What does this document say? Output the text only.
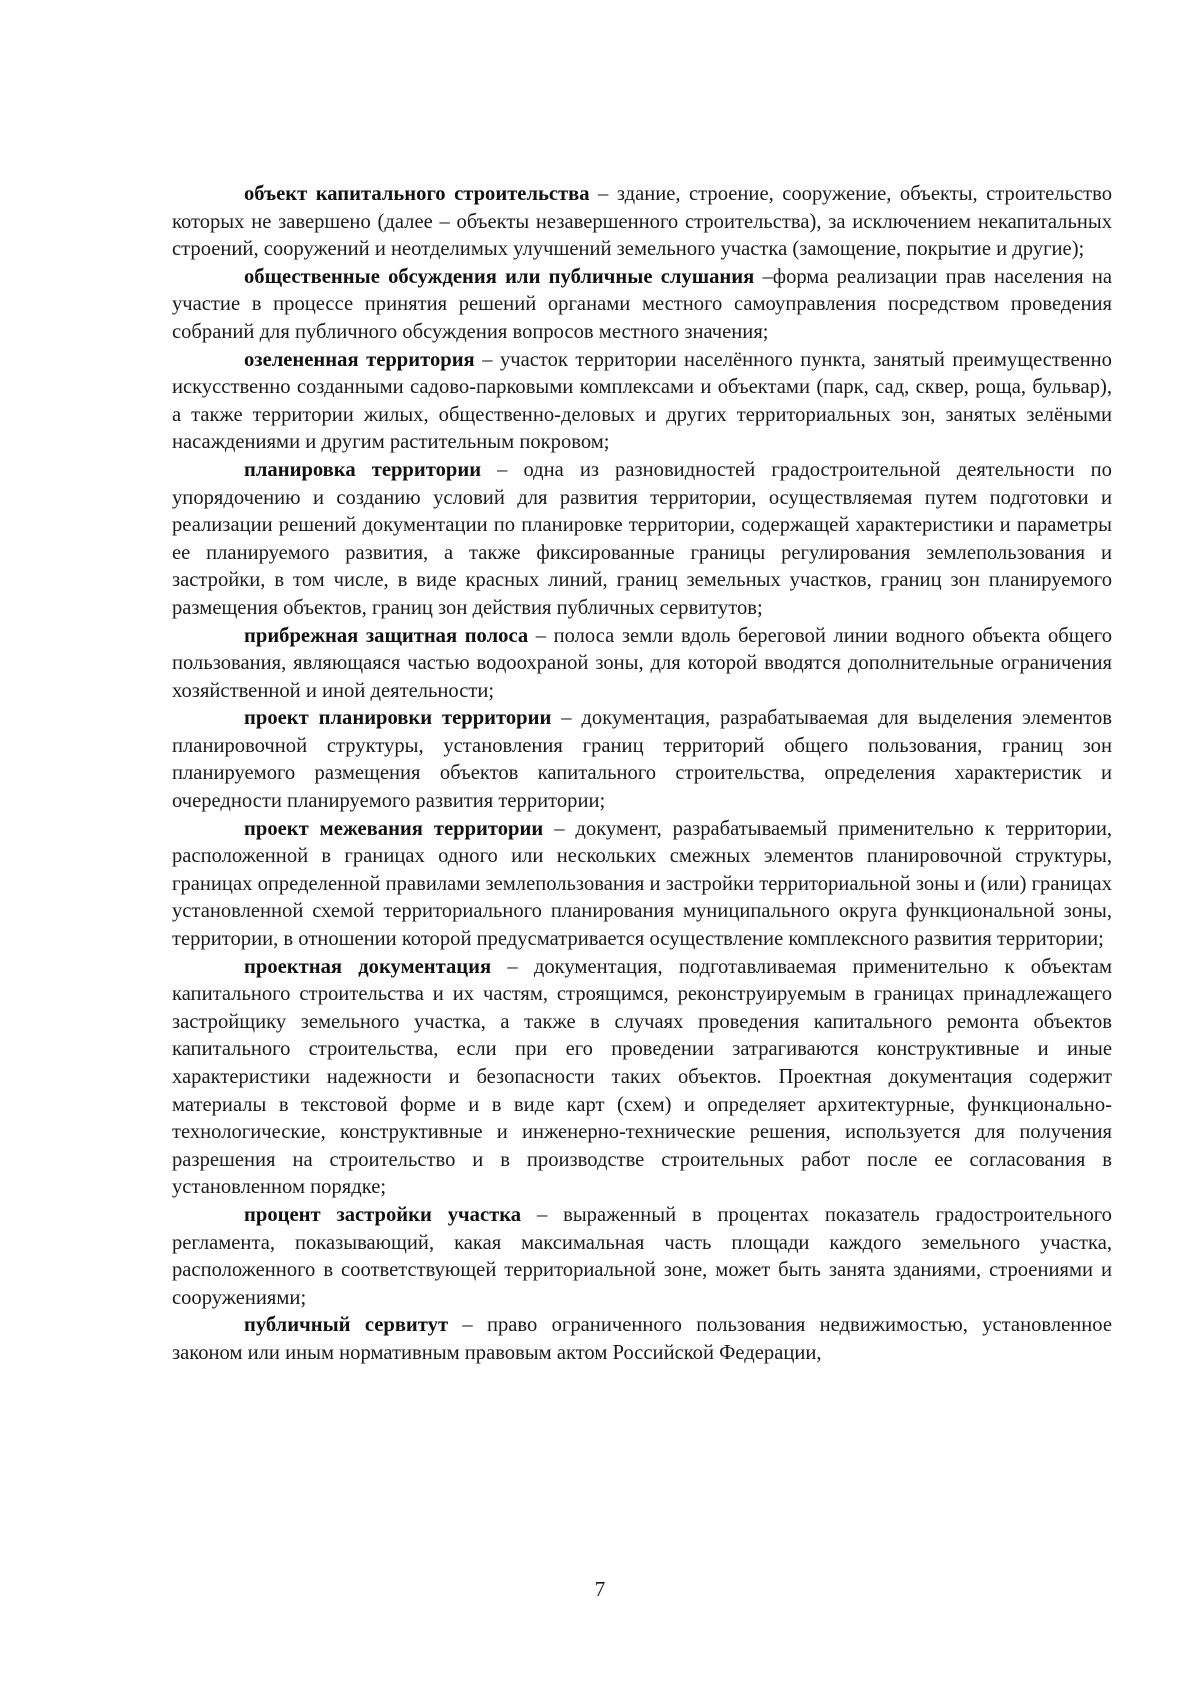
объект капитального строительства – здание, строение, сооружение, объекты, строительство которых не завершено (далее – объекты незавершенного строительства), за исключением некапитальных строений, сооружений и неотделимых улучшений земельного участка (замощение, покрытие и другие);

общественные обсуждения или публичные слушания –форма реализации прав населения на участие в процессе принятия решений органами местного самоуправления посредством проведения собраний для публичного обсуждения вопросов местного значения;

озелененная территория – участок территории населённого пункта, занятый преимущественно искусственно созданными садово-парковыми комплексами и объектами (парк, сад, сквер, роща, бульвар), а также территории жилых, общественно-деловых и других территориальных зон, занятых зелёными насаждениями и другим растительным покровом;

планировка территории – одна из разновидностей градостроительной деятельности по упорядочению и созданию условий для развития территории, осуществляемая путем подготовки и реализации решений документации по планировке территории, содержащей характеристики и параметры ее планируемого развития, а также фиксированные границы регулирования землепользования и застройки, в том числе, в виде красных линий, границ земельных участков, границ зон планируемого размещения объектов, границ зон действия публичных сервитутов;

прибрежная защитная полоса – полоса земли вдоль береговой линии водного объекта общего пользования, являющаяся частью водоохраной зоны, для которой вводятся дополнительные ограничения хозяйственной и иной деятельности;

проект планировки территории – документация, разрабатываемая для выделения элементов планировочной структуры, установления границ территорий общего пользования, границ зон планируемого размещения объектов капитального строительства, определения характеристик и очередности планируемого развития территории;

проект межевания территории – документ, разрабатываемый применительно к территории, расположенной в границах одного или нескольких смежных элементов планировочной структуры, границах определенной правилами землепользования и застройки территориальной зоны и (или) границах установленной схемой территориального планирования муниципального округа функциональной зоны, территории, в отношении которой предусматривается осуществление комплексного развития территории;

проектная документация – документация, подготавливаемая применительно к объектам капитального строительства и их частям, строящимся, реконструируемым в границах принадлежащего застройщику земельного участка, а также в случаях проведения капитального ремонта объектов капитального строительства, если при его проведении затрагиваются конструктивные и иные характеристики надежности и безопасности таких объектов. Проектная документация содержит материалы в текстовой форме и в виде карт (схем) и определяет архитектурные, функционально-технологические, конструктивные и инженерно-технические решения, используется для получения разрешения на строительство и в производстве строительных работ после ее согласования в установленном порядке;

процент застройки участка – выраженный в процентах показатель градостроительного регламента, показывающий, какая максимальная часть площади каждого земельного участка, расположенного в соответствующей территориальной зоне, может быть занята зданиями, строениями и сооружениями;

публичный сервитут – право ограниченного пользования недвижимостью, установленное законом или иным нормативным правовым актом Российской Федерации,

7
